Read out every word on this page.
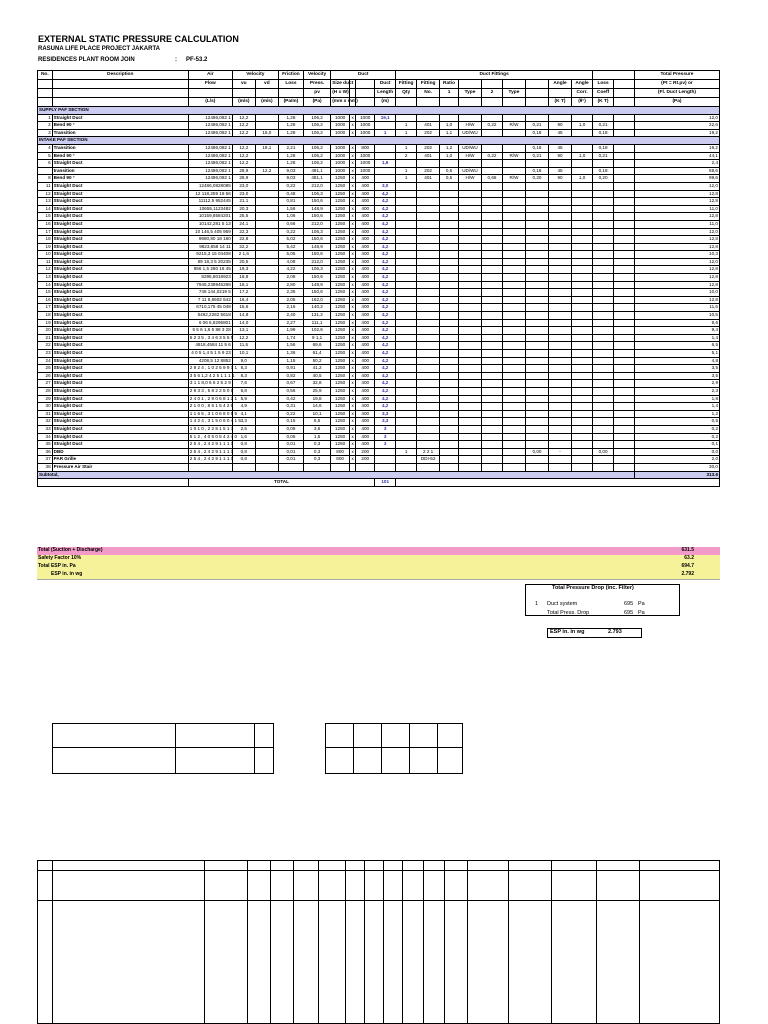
EXTERNAL STATIC PRESSURE CALCULATION
RASUNA LIFE PLACE PROJECT JAKARTA
RESIDENCES PLANT ROOM JOIN	: PF-53.2
No.	Description	Air	Velocity		Friction	Velocity	Duct				Duct Fittings											Total Pressure
		Flow	vu	vd	Loss	Press.	Size duct			Duct	Fitting	Fitting	Ratio					Angle	Angle	Loss		(Pt = Rt.pv) or
						pv	(H x W)			Length	Qty	No.	1	Type	2	Type			Corr.	Coeff		(Fl. Duct Length)
		(L/s)	(m/s)	(m/s)	(Pa/m)	(Pa)	(mm x mm)			(m)								(K T)	(θ°)	(K T)		(Pa)
SUPPLY PAF SECTION																						
1	Straight Duct	12486,082 1	12,2		1,28	106,2	1000	x	1000	19,1												12,0
2	Bend 90 °	12486,082 1	12,2		1,28	106,2	1000	x	1000		1	401	1,0	H/W	0,22	R/W	0,21	90	1,0	0,21		22,6
3	Transition	12486,082 1	12,2	15,0	1,28	106,2	1000	x	1000	1	1	202	1,1	UD/WU			0,18	45		0,18		19,2
INTAKE PAF SECTION																						
4	Transition	12486,082 1	12,2	19,1	2,21	106,2	1000	x	800		1	202	1,2	UD/WU			0,18	45		0,18		19,2
5	Bend 90 °	12486,082 1	12,2		1,28	106,2	1000	x	1000		2	401	1,0	H/W	0,22	R/W	0,21	90	1,0	0,21		44,1
6	Straight Duct	12486,082 1	12,2		1,28	106,2	1000	x	1000	1,9												2,4
	transition	12486,082 1	28,9	12,2	9,03	481,1	1000	x	1000		1	202	0,5	UD/WU			0,18	45		0,18		59,6
8	Bend 90 °	12486,082 1	28,9		9,03	481,1	1250	x	400		1	401	0,5	H/W	0,66	R/W	0,20	90	1,0	0,20		99,6
11	Straight Duct	12486,0828085	23,0		0,22	212,0	1250	x	400	3,0												12,0
12	Straight Duct	12 118,259 18 56	23,0		0,48	106,3	1250	x	400	4,2												12,8
13	Straight Duct	11112,5 952445	21,1		0,81	150,6	1250	x	400	4,2												12,8
14	Straight Duct	10655,1123482	20,3		1,56	148,9	1250	x	400	4,2												11,0
15	Straight Duct	10159,8584201	25,5		1,06	150,6	1250	x	400	4,2												12,8
16	Straight Duct	10142,281 5 13	24,1		0,66	212,0	1250	x	400	4,2												11,0
17	Straight Duct	10 146,5 405 959	22,3		0,22	106,3	1250	x	400	4,2												12,0
18	Straight Duct	9980,80 18 180	22,8		5,02	150,6	1250	x	400	4,2												12,8
19	Straight Duct	9823,858 14 11	22,2		5,42	148,9	1250	x	400	4,2												12,8
10	Straight Duct	9215,3 15 04408	2 1,6		5,05	150,6	1250	x	400	4,2												10,3
11	Straight Duct	89 18,3 5 20235	20,5		4,08	212,0	1250	x	400	4,2												12,0
12	Straight Duct	856 1,5 280 18 45	19,3		4,22	106,3	1250	x	400	4,2												12,8
13	Straight Duct	8295,8018923	18,8		2,08	150,6	1250	x	400	4,2												12,8
14	Straight Duct	7945,238945288	18,1		2,80	148,9	1250	x	400	4,2												12,8
15	Straight Duct	748 144,0219 5	17,2		2,35	150,6	1250	x	400	4,2												10,0
16	Straight Duct	7 11 6,6502 542	16,4		2,05	162,0	1250	x	400	4,2												12,8
17	Straight Duct	6710,175 45 048	15,6		2,16	140,2	1250	x	400	4,2												11,6
18	Straight Duct	6482,2282 5618	14,8		2,40	131,2	1250	x	400	4,2												10,5
19	Straight Duct	6 06 6,8295801	14,0		2,27	111,1	1250	x	400	4,2												9,6
20	Straight Duct	5 5 6 1,6 5 88 3 28	13,1		1,99	102,6	1250	x	400	4,2												9,4
21	Straight Duct	5 2 3 5 , 3 4 6 3 5 6 5	12,2		1,74	9 1,1	1250	x	400	4,2												1,4
22	Straight Duct	4818,4584 11 5 6	11,5		1,56	69,6	1250	x	400	4,2												6,5
23	Straight Duct	4 0 5 1,4 5 1 5 9 23	10,1		1,36	61,4	1250	x	400	4,2												5,1
24	Straight Duct	4208,5 12 8852	9,0		1,15	50,2	1250	x	400	4,2												4,8
25	Straight Duct	2 9 2 4 , 1 0 2 5 9 9 1 1	8,3		0,91	41,2	1250	x	400	4,2												3,5
26	Straight Duct	3 5 6 1,2 4 2 5 1 1 1 1	8,3		0,82	40,5	1250	x	400	4,2												3,5
27	Straight Duct	3 1 1 8,0 6 6 2 5 2 9	7,6		0,67	32,8	1250	x	400	4,2												2,9
28	Straight Duct	2 9 3 3 , 5 8 2 2 5 0 8	6,8		0,56	25,9	1250	x	400	4,2												2,3
29	Straight Duct	2 4 0 1 , 2 9 0 6 8 1 2 1	5,9		0,42	19,8	1250	x	400	4,2												1,8
30	Straight Duct	2 1 0 0 , 8 5 1 5 4 2 8	4,9		0,31	14,6	1250	x	400	4,2												1,4
31	Straight Duct	1 1 6 5 , 3 1 0 6 8 0 5 5	4,1		0,22	10,1	1250	x	400	3,3												1,2
32	Straight Duct	1 4 2 4 , 3 1 5 0 6 0 4 1 5	3,3		0,15	6,5	1250	x	400	3,3												0,5
33	Straight Duct	1 0 1 0 , 2 2 8 1 5 1 3	2,5		0,08	3,6	1250	x	400	3												0,2
34	Straight Duct	5 1 2 , 4 0 5 0 5 4 2 4 0	1,6		0,05	1,5	1250	x	400	3												0,2
35	Straight Duct	2 5 4 , 2 4 2 9 1 1 1 1	0,8		0,01	0,3	1250	x	400	3												0,1
36	DBD	2 5 4 , 2 4 2 9 1 1 1 1	0,8		0,01	0,3	800	x	200		1	2 2 1					0,00	-		0,00		0,0
37	PAR Grille	2 5 4 , 2 4 2 9 1 1 1 1	0,8		0,01	0,3	800	x	200			DDI-52										2,0
38	Pressure Air Stair																					30,0
Subtotal,																						313.6
		TOTAL								101												
Total (Suction + Discharge)	631.5
Safety Factor 10%	63.2
Total ESP in. Pa	694.7
ESP in. in wg	2.792
Total Pressure Drop (inc. Filter)
1 Duct system	695 Pa
Total Press. Drop	695 Pa
ESP in. in wg	2.793
